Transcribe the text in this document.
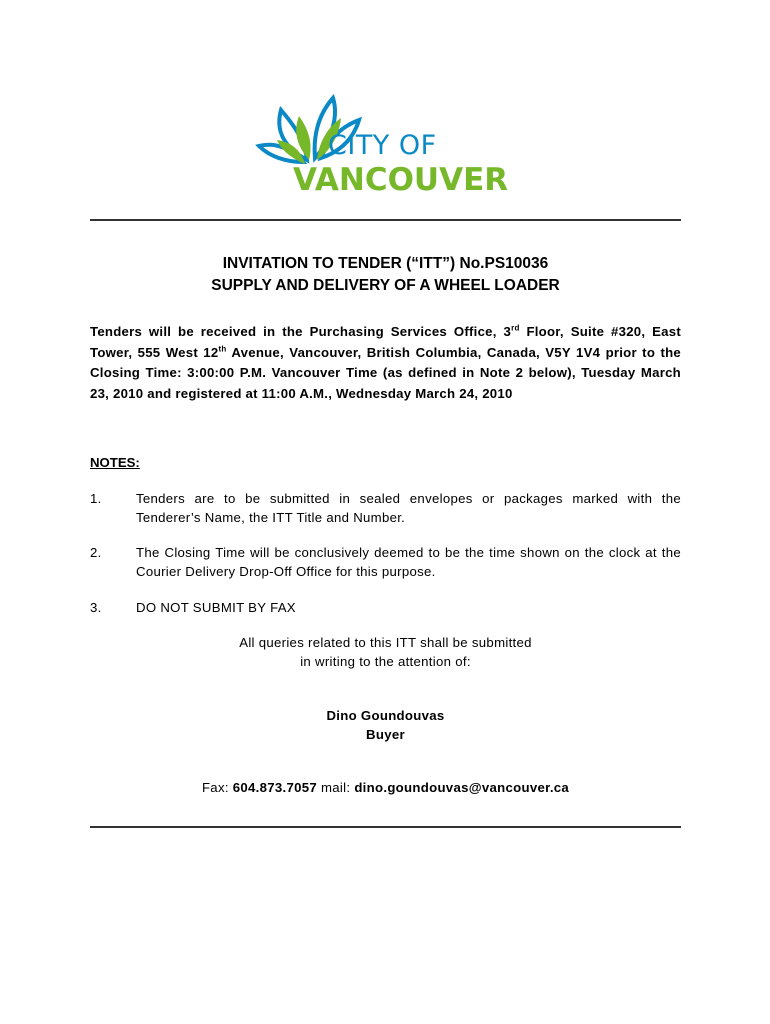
CITY OF
VANCOUVER
INVITATION TO TENDER (“ITT”) No.PS10036
SUPPLY AND DELIVERY OF A WHEEL LOADER
Tenders will be received in the Purchasing Services Office, 3rd Floor, Suite #320, East Tower, 555 West 12th Avenue, Vancouver, British Columbia, Canada, V5Y 1V4 prior to the Closing Time: 3:00:00 P.M. Vancouver Time (as defined in Note 2 below), Tuesday March 23, 2010 and registered at 11:00 A.M., Wednesday March 24, 2010
NOTES:
1.	Tenders are to be submitted in sealed envelopes or packages marked with the Tenderer’s Name, the ITT Title and Number.
2.	The Closing Time will be conclusively deemed to be the time shown on the clock at the Courier Delivery Drop-Off Office for this purpose.
3.	DO NOT SUBMIT BY FAX
All queries related to this ITT shall be submitted
in writing to the attention of:
Dino Goundouvas
Buyer
Fax: 604.873.7057 mail: dino.goundouvas@vancouver.ca
